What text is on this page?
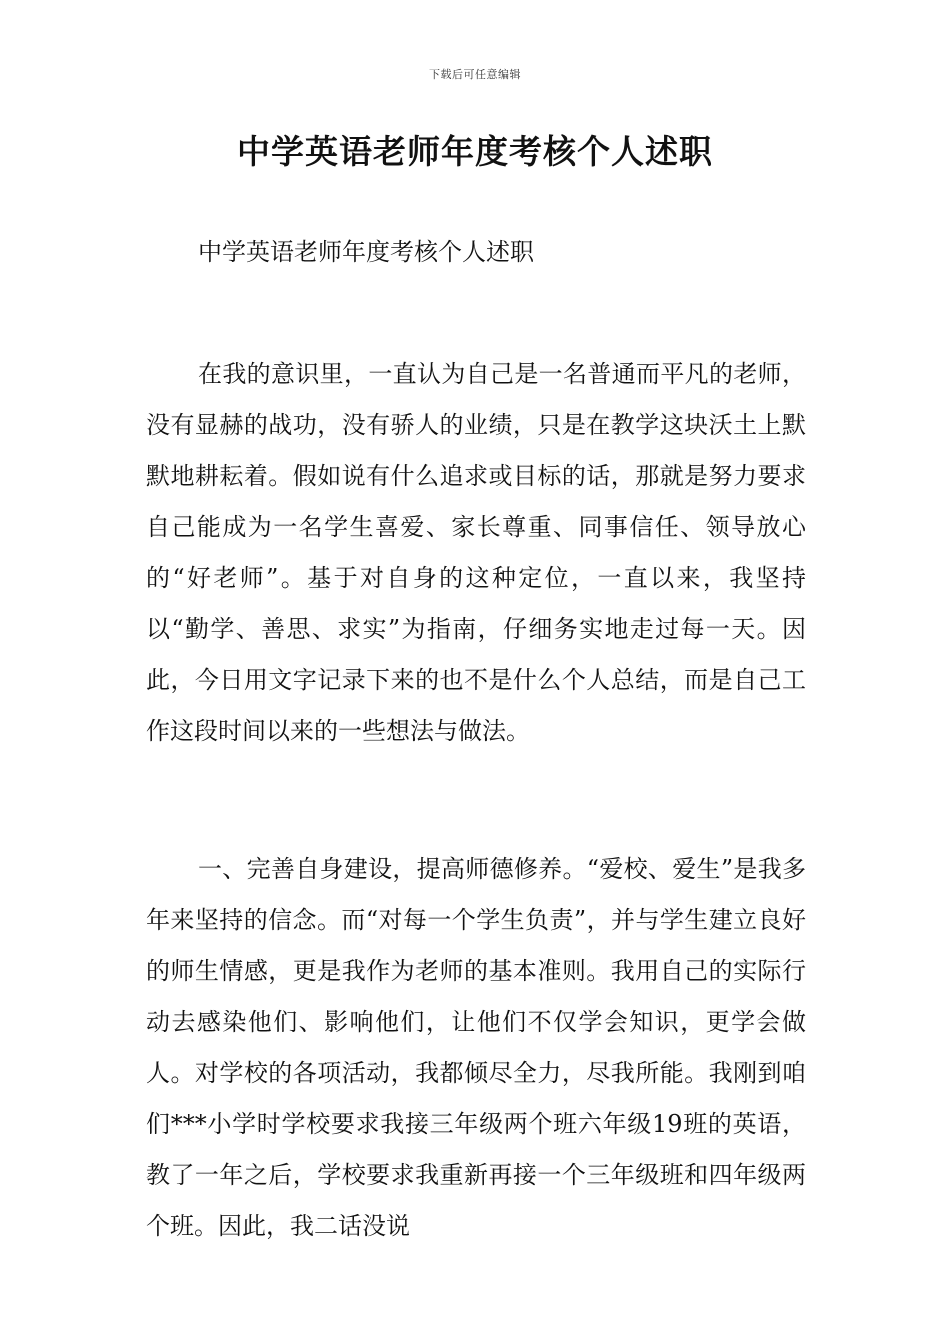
下载后可任意编辑
中学英语老师年度考核个人述职
中学英语老师年度考核个人述职

在我的意识里，一直认为自己是一名普通而平凡的老师，没有显赫的战功，没有骄人的业绩，只是在教学这块沃土上默默地耕耘着。假如说有什么追求或目标的话，那就是努力要求自己能成为一名学生喜爱、家长尊重、同事信任、领导放心的“好老师”。基于对自身的这种定位，一直以来，我坚持以“勤学、善思、求实”为指南，仔细务实地走过每一天。因此，今日用文字记录下来的也不是什么个人总结，而是自己工作这段时间以来的一些想法与做法。

一、完善自身建设，提高师德修养。“爱校、爱生”是我多年来坚持的信念。而“对每一个学生负责”，并与学生建立良好的师生情感，更是我作为老师的基本准则。我用自己的实际行动去感染他们、影响他们，让他们不仅学会知识，更学会做人。对学校的各项活动，我都倾尽全力，尽我所能。我刚到咱们***小学时学校要求我接三年级两个班六年级19班的英语，教了一年之后，学校要求我重新再接一个三年级班和四年级两个班。因此，我二话没说
